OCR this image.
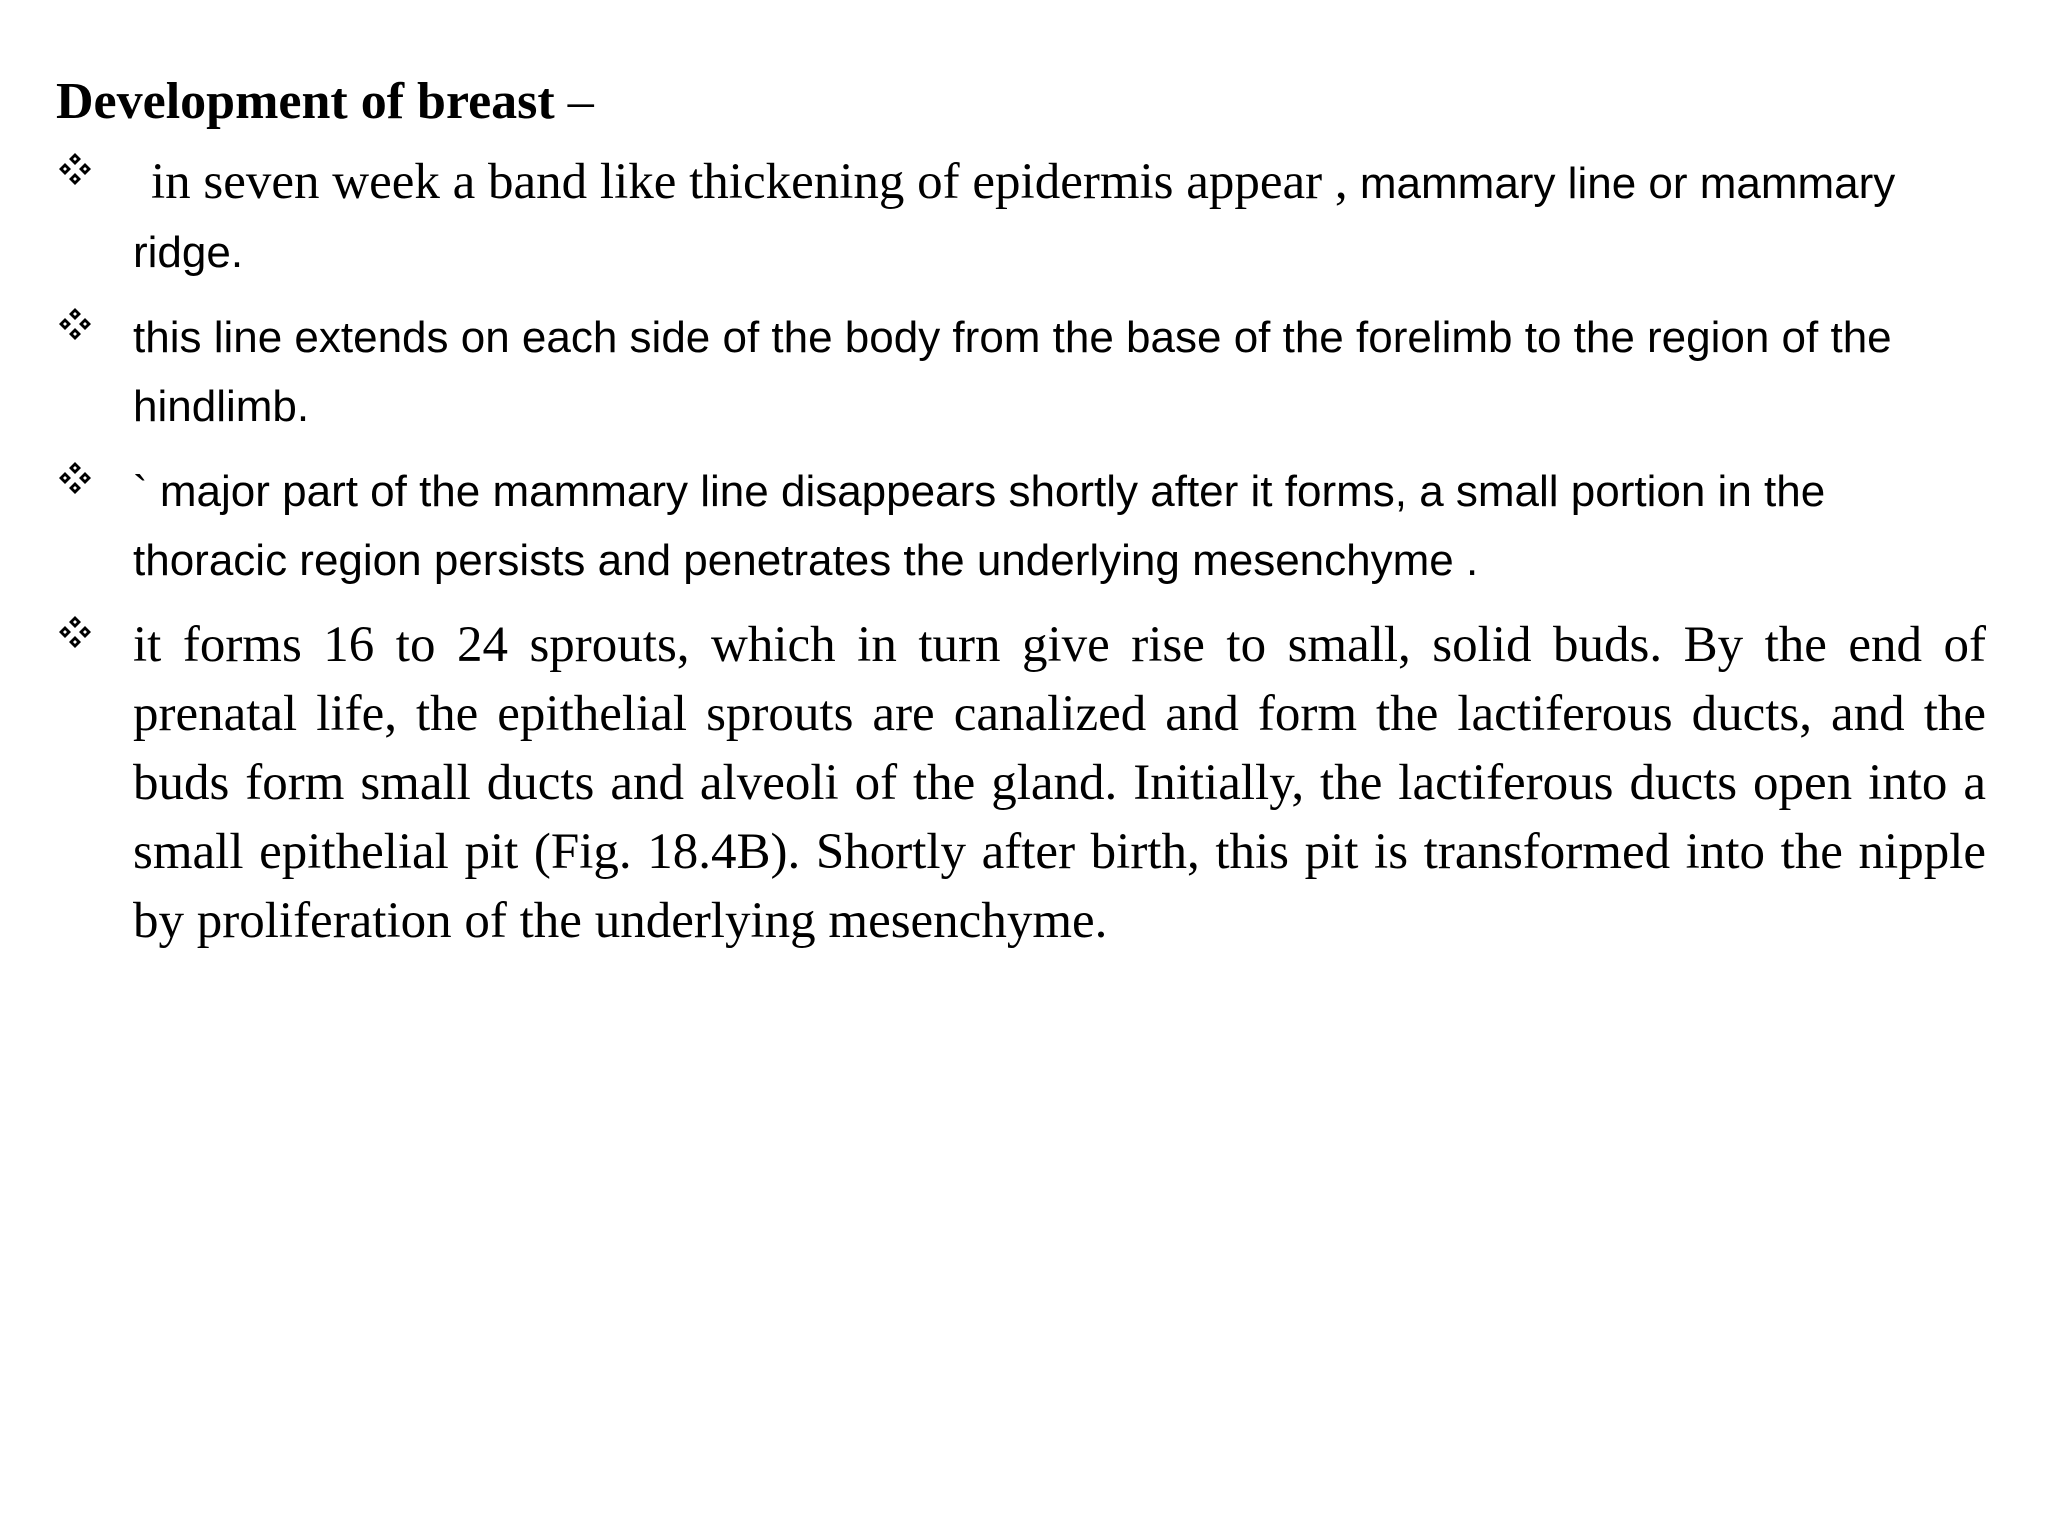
Development of breast –
in seven week a band like thickening of epidermis appear , mammary line or mammary ridge.
this line extends on each side of the body from the base of the forelimb to the region of the hindlimb.
` major part of the mammary line disappears shortly after it forms, a small portion in the thoracic region persists and penetrates the underlying mesenchyme .
it forms 16 to 24 sprouts, which in turn give rise to small, solid buds. By the end of prenatal life, the epithelial sprouts are canalized and form the lactiferous ducts, and the buds form small ducts and alveoli of the gland. Initially, the lactiferous ducts open into a small epithelial pit (Fig. 18.4B). Shortly after birth, this pit is transformed into the nipple by proliferation of the underlying mesenchyme.
